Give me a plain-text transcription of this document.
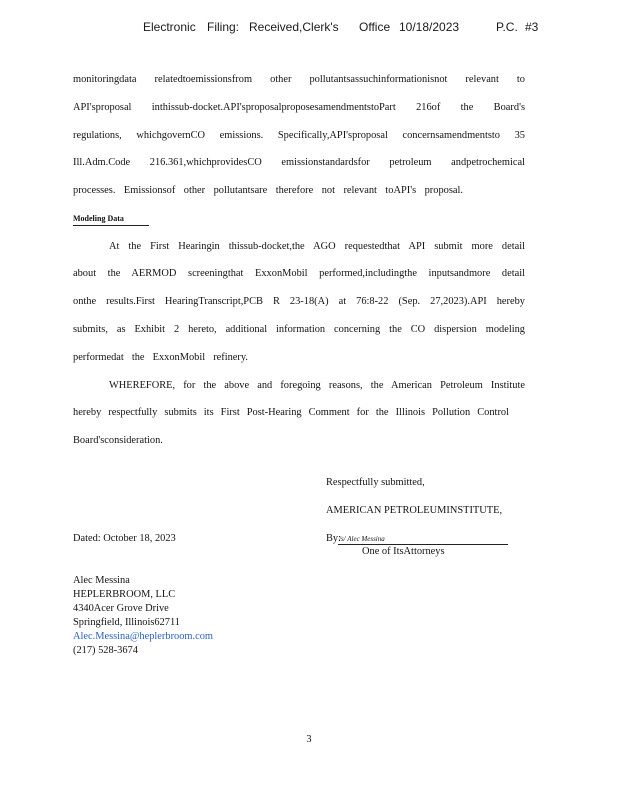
Electronic Filing: Received,Clerk's Office 10/18/2023	P.C. #3
monitoringdata relatedtoemissionsfrom other pollutantsassuchinformationisnot relevant to
API'sproposal inthissub-docket.API'sproposalproposesamendmentstoPart 216of the Board's
regulations, whichgovernCO emissions. Specifically,API'sproposal concernsamendmentsto 35
Ill.Adm.Code 216.361,whichprovidesCO emissionstandardsfor petroleum andpetrochemical
processes. Emissionsof other pollutantsare therefore not relevant toAPI's proposal.
Modeling Data
At the First Hearingin thissub-docket,the AGO requestedthat API submit more detail
about the AERMOD screeningthat ExxonMobil performed,includingthe inputsandmore detail
onthe results.First HearingTranscript,PCB R 23-18(A) at 76:8-22 (Sep. 27,2023).API hereby
submits, as Exhibit 2 hereto, additional information concerning the CO dispersion modeling
performedat the ExxonMobil refinery.
WHEREFORE, for the above and foregoing reasons, the American Petroleum Institute
hereby respectfully submits its First Post-Hearing Comment for the Illinois Pollution Control
Board'sconsideration.
Respectfully submitted,
AMERICAN PETROLEUMINSTITUTE,
Dated: October 18, 2023	By:
/s/ Alec Messina
One of ItsAttorneys
Alec Messina
HEPLERBROOM, LLC
4340Acer Grove Drive
Springfield, Illinois62711
Alec.Messina@heplerbroom.com
(217) 528-3674
3
